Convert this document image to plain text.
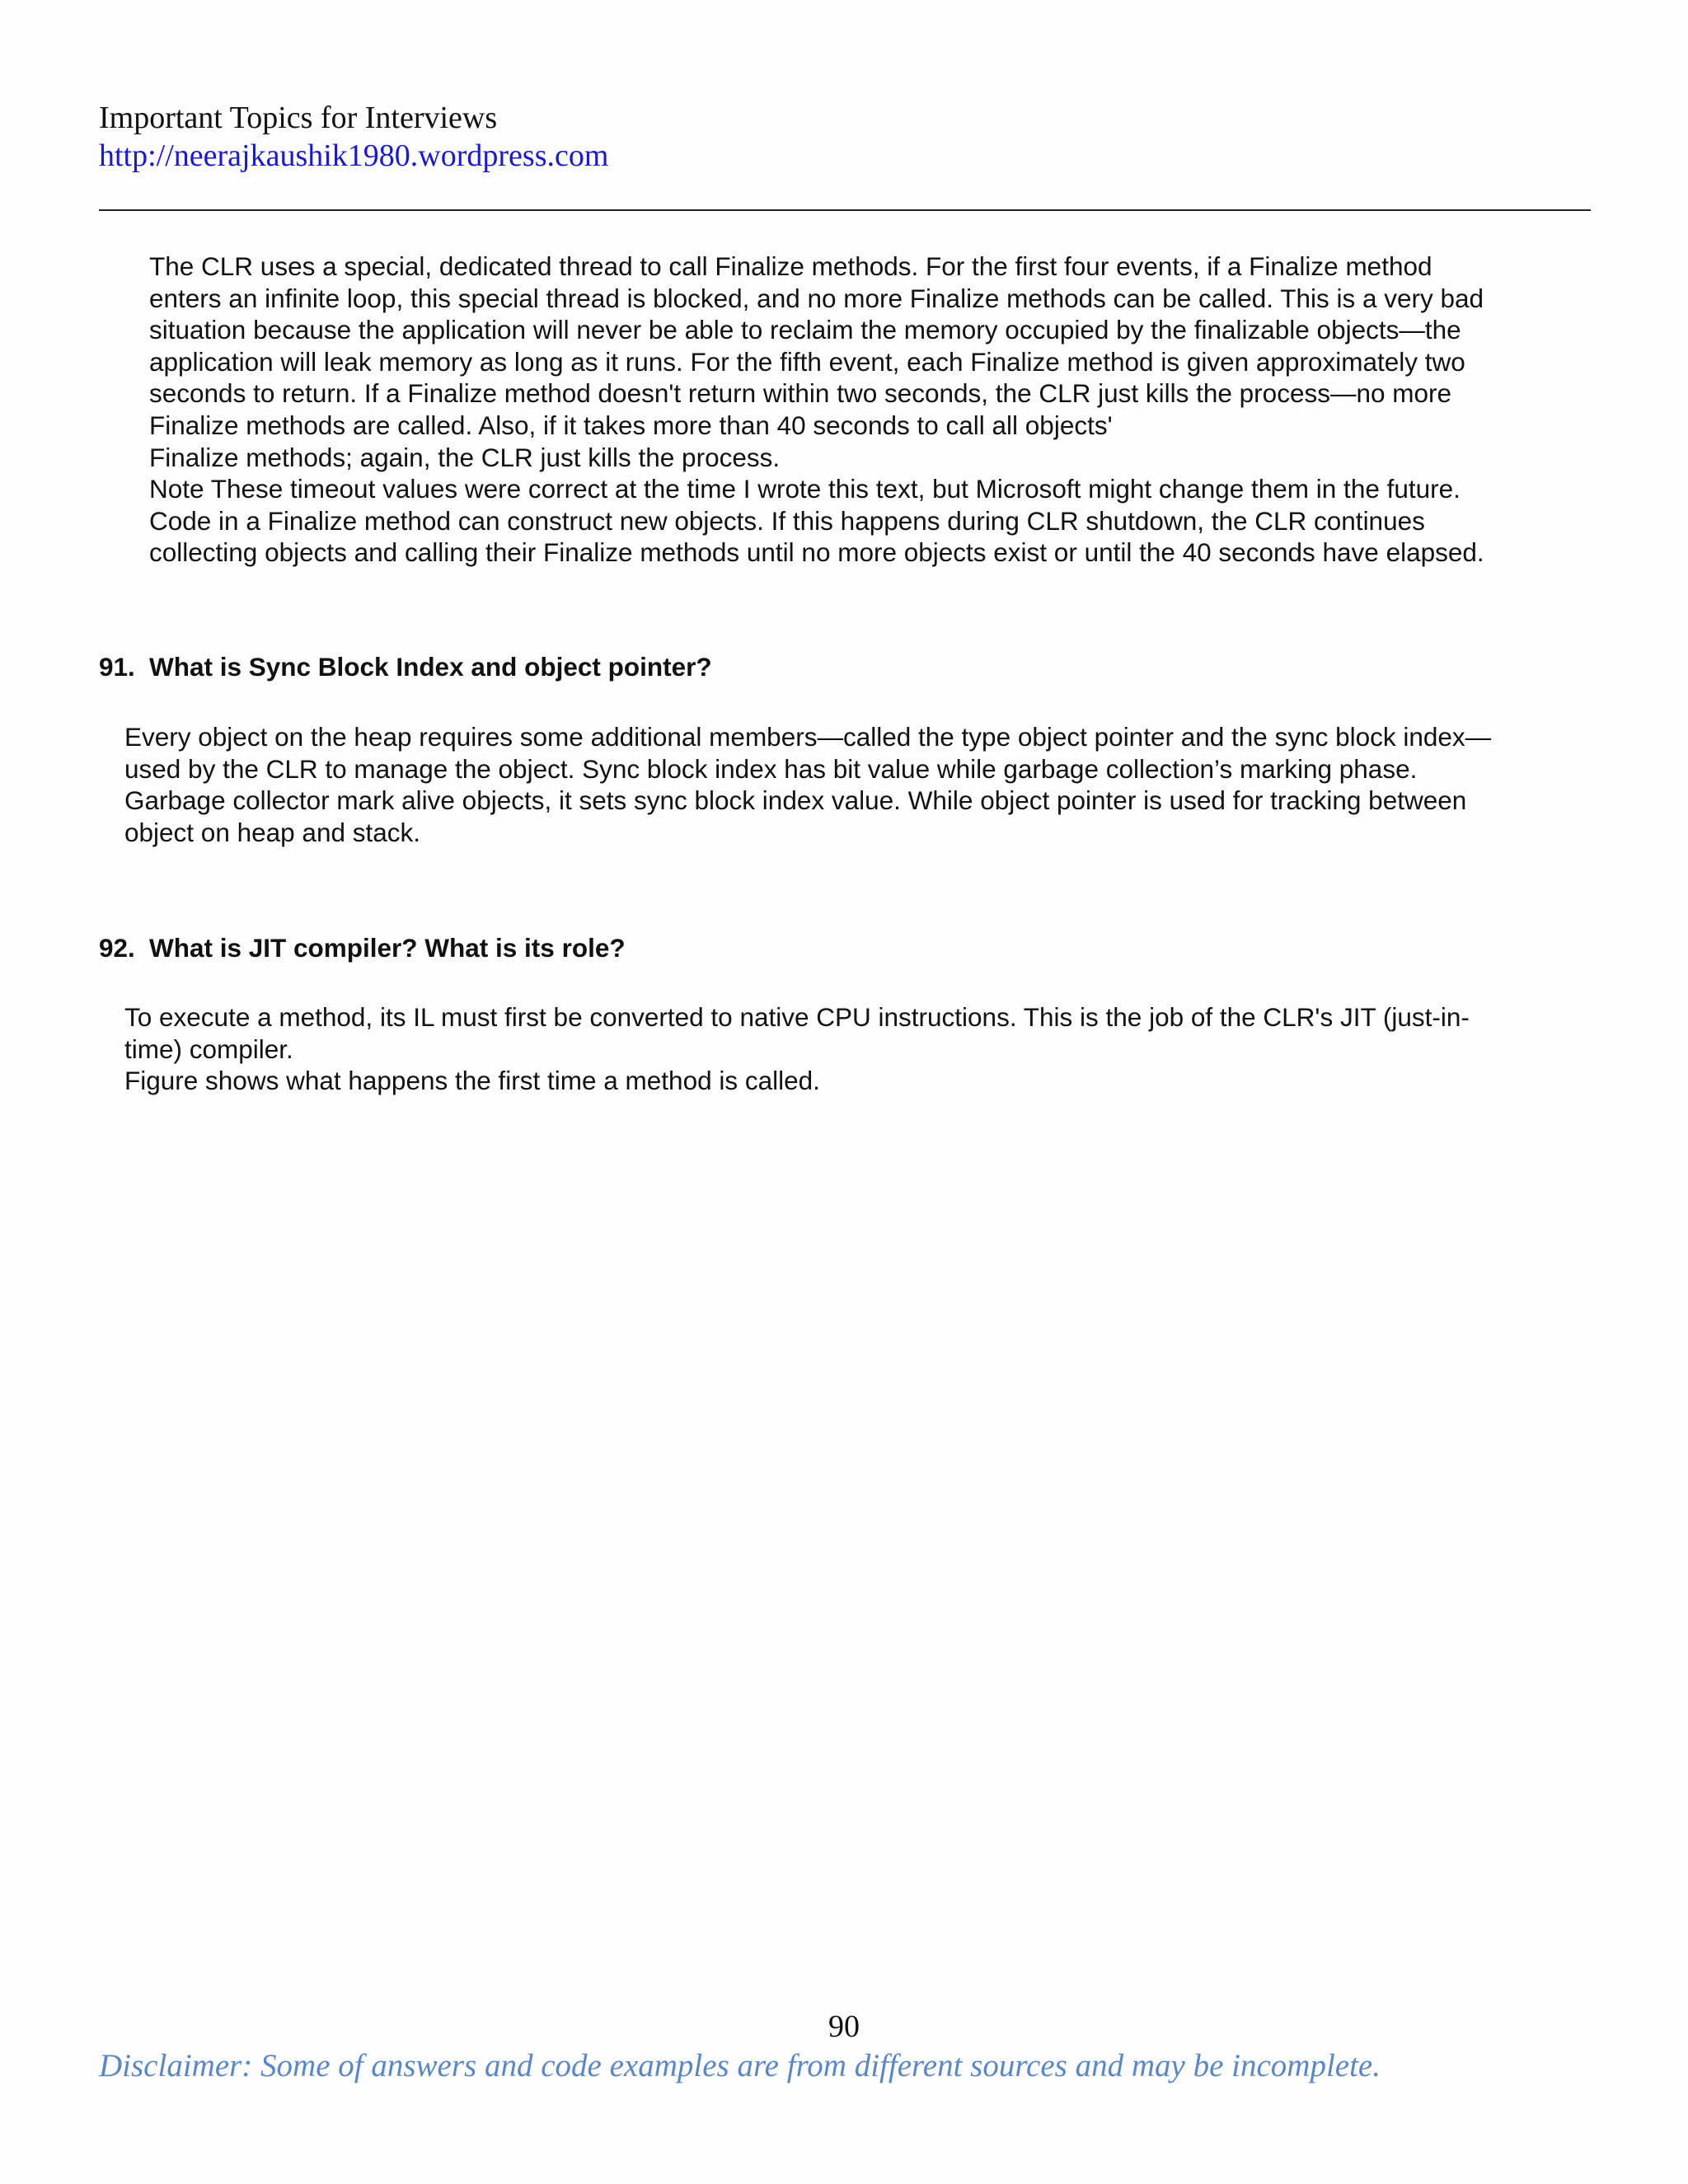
Important Topics for Interviews
http://neerajkaushik1980.wordpress.com

The CLR uses a special, dedicated thread to call Finalize methods. For the first four events, if a Finalize method

enters an infinite loop, this special thread is blocked, and no more Finalize methods can be called. This is a very bad

situation because the application will never be able to reclaim the memory occupied by the finalizable objects—the

application will leak memory as long as it runs. For the fifth event, each Finalize method is given approximately two

seconds to return. If a Finalize method doesn't return within two seconds, the CLR just kills the process—no more

Finalize methods are called. Also, if it takes more than 40 seconds to call all objects'

Finalize methods; again, the CLR just kills the process.

Note These timeout values were correct at the time I wrote this text, but Microsoft might change them in the future.

Code in a Finalize method can construct new objects. If this happens during CLR shutdown, the CLR continues

collecting objects and calling their Finalize methods until no more objects exist or until the 40 seconds have elapsed.

91. What is Sync Block Index and object pointer?

Every object on the heap requires some additional members—called the type object pointer and the sync block index—

used by the CLR to manage the object. Sync block index has bit value while garbage collection’s marking phase.

Garbage collector mark alive objects, it sets sync block index value. While object pointer is used for tracking between

object on heap and stack.

92. What is JIT compiler? What is its role?

To execute a method, its IL must first be converted to native CPU instructions. This is the job of the CLR's JIT (just-in-

time) compiler.

Figure shows what happens the first time a method is called.

90
Disclaimer: Some of answers and code examples are from different sources and may be incomplete.
